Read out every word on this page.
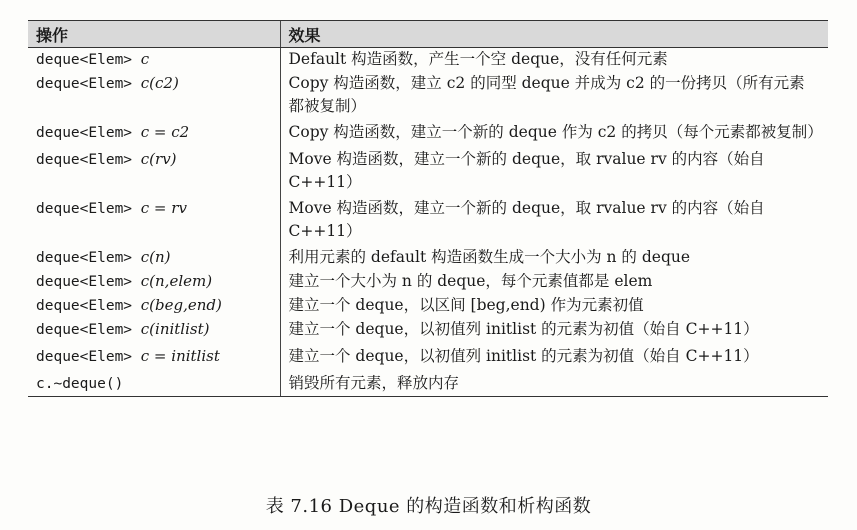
操作	效果
deque<Elem> c	Default 构造函数，产生一个空 deque，没有任何元素
deque<Elem> c(c2)	Copy 构造函数，建立 c2 的同型 deque 并成为 c2 的一份拷贝（所有元素都被复制）
deque<Elem> c = c2	Copy 构造函数，建立一个新的 deque 作为 c2 的拷贝（每个元素都被复制）
deque<Elem> c(rv)	Move 构造函数，建立一个新的 deque，取 rvalue rv 的内容（始自 C++11）
deque<Elem> c = rv	Move 构造函数，建立一个新的 deque，取 rvalue rv 的内容（始自 C++11）
deque<Elem> c(n)	利用元素的 default 构造函数生成一个大小为 n 的 deque
deque<Elem> c(n,elem)	建立一个大小为 n 的 deque，每个元素值都是 elem
deque<Elem> c(beg,end)	建立一个 deque，以区间 [beg,end) 作为元素初值
deque<Elem> c(initlist)	建立一个 deque，以初值列 initlist 的元素为初值（始自 C++11）
deque<Elem> c = initlist	建立一个 deque，以初值列 initlist 的元素为初值（始自 C++11）
c.~deque()	销毁所有元素，释放内存
表 7.16 Deque 的构造函数和析构函数
